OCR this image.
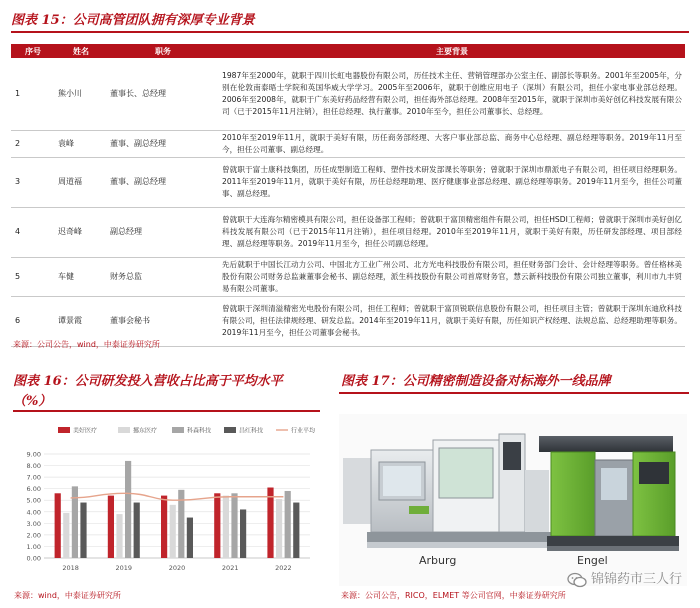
图表 15：公司高管团队拥有深厚专业背景
序号	姓名	职务	主要背景
1	熊小川	董事长、总经理	1987年至2000年，就职于四川长虹电器股份有限公司，历任技术主任、营销管理部办公室主任、副部长等职务。2001年至2005年，分别在伦敦南泰晤士学院和英国华威大学学习。2005年至2006年，就职于创维应用电子（深圳）有限公司，担任小家电事业部总经理。2006年至2008年，就职于广东美好药品经营有限公司，担任海外部总经理。2008年至2015年，就职于深圳市美好创亿科技发展有限公司（已于2015年11月注销），担任总经理、执行董事。2010年至今，担任公司董事长、总经理。
2	袁峰	董事、副总经理	2010年至2019年11月，就职于美好有限，历任商务部经理、大客户事业部总监、商务中心总经理、副总经理等职务。2019年11月至今，担任公司董事、副总经理。
3	周道福	董事、副总经理	曾就职于富士康科技集团，历任成型制造工程师、塑件技术研发部课长等职务；曾就职于深圳市鼎派电子有限公司，担任项目经理职务。2011年至2019年11月，就职于美好有限，历任总经理助理、医疗健康事业部总经理、副总经理等职务。2019年11月至今，担任公司董事、副总经理。
4	迟奇峰	副总经理	曾就职于大连海尔精密模具有限公司，担任设备部工程师；曾就职于富顶精密组件有限公司，担任HSDI工程师；曾就职于深圳市美好创亿科技发展有限公司（已于2015年11月注销），担任项目经理。2010年至2019年11月，就职于美好有限，历任研发部经理、项目部经理、副总经理等职务。2019年11月至今，担任公司副总经理。
5	车健	财务总监	先后就职于中国长江动力公司、中国北方工业广州公司、北方光电科技股份有限公司，担任财务部门会计、会计经理等职务。曾任格林美股份有限公司财务总监兼董事会秘书、副总经理，派生科技股份有限公司首席财务官，慧云新科技股份有限公司独立董事，利川市九丰贸易有限公司董事。
6	谭景霞	董事会秘书	曾就职于深圳清溢精密光电股份有限公司，担任工程师；曾就职于富顶锐联信息股份有限公司，担任项目主管；曾就职于深圳东迪欣科技有限公司，担任法律规经理、研发总监。2014年至2019年11月，就职于美好有限，历任知识产权经理、法规总监、总经理助理等职务。2019年11月至今，担任公司董事会秘书。
来源：公司公告，wind，中泰证券研究所
图表 16：公司研发投入营收占比高于平均水平
（%）
0.00
1.00
2.00
3.00
4.00
5.00
6.00
7.00
8.00
9.00
2018	2019	2020	2021	2022
美好医疗	挪东医疗	科森科技	昌红科技	行业平均
来源：wind，中泰证券研究所
图表 17：公司精密制造设备对标海外一线品牌
Arburg	Engel
来源：公司公告，RICO，ELMET 等公司官网，中泰证券研究所
锦锦药市三人行
